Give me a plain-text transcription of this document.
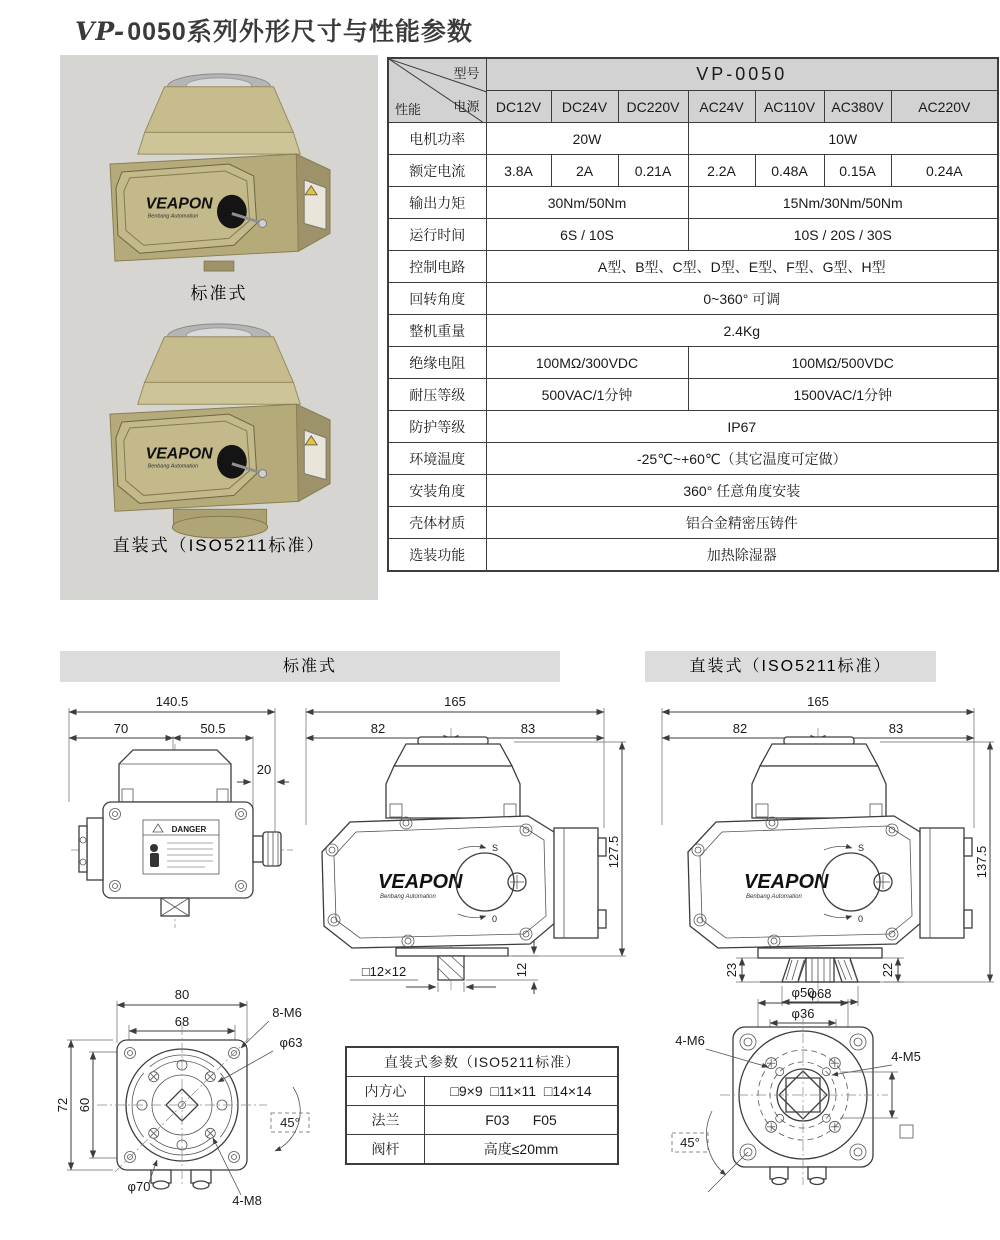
VP-0050系列外形尺寸与性能参数
VEAPON
Benbang Automation
标准式
VEAPON
Benbang Automation
直装式（ISO5211标准）
型号
电源
性能	VP-0050						
	DC12V	DC24V	DC220V	AC24V	AC110V	AC380V	AC220V
电机功率	20W			10W			
额定电流	3.8A	2A	0.21A	2.2A	0.48A	0.15A	0.24A
输出力矩	30Nm/50Nm			15Nm/30Nm/50Nm			
运行时间	6S / 10S			10S / 20S / 30S			
控制电路	A型、B型、C型、D型、E型、F型、G型、H型						
回转角度	0~360° 可调						
整机重量	2.4Kg						
绝缘电阻	100MΩ/300VDC			100MΩ/500VDC			
耐压等级	500VAC/1分钟			1500VAC/1分钟			
防护等级	IP67						
环境温度	-25℃~+60℃（其它温度可定做）						
安装角度	360° 任意角度安装						
壳体材质	铝合金精密压铸件						
选装功能	加热除湿器						
标准式	直装式（ISO5211标准）
140.5
70	50.5
20
DANGER
165
82	83
VEAPON
Benbang Automation
S
0
127.5
□12×12	12
165
82	83
VEAPON
Benbang Automation
S
0
23	22
φ68
137.5
80
68
72 60
8-M6
φ63
45°
φ70
4-M8
直装式参数（ISO5211标准）	
内方心	□9×9  □11×11  □14×14
法兰	F03      F05
阀杆	高度≤20mm
φ50
φ36
4-M6
4-M5
45°
